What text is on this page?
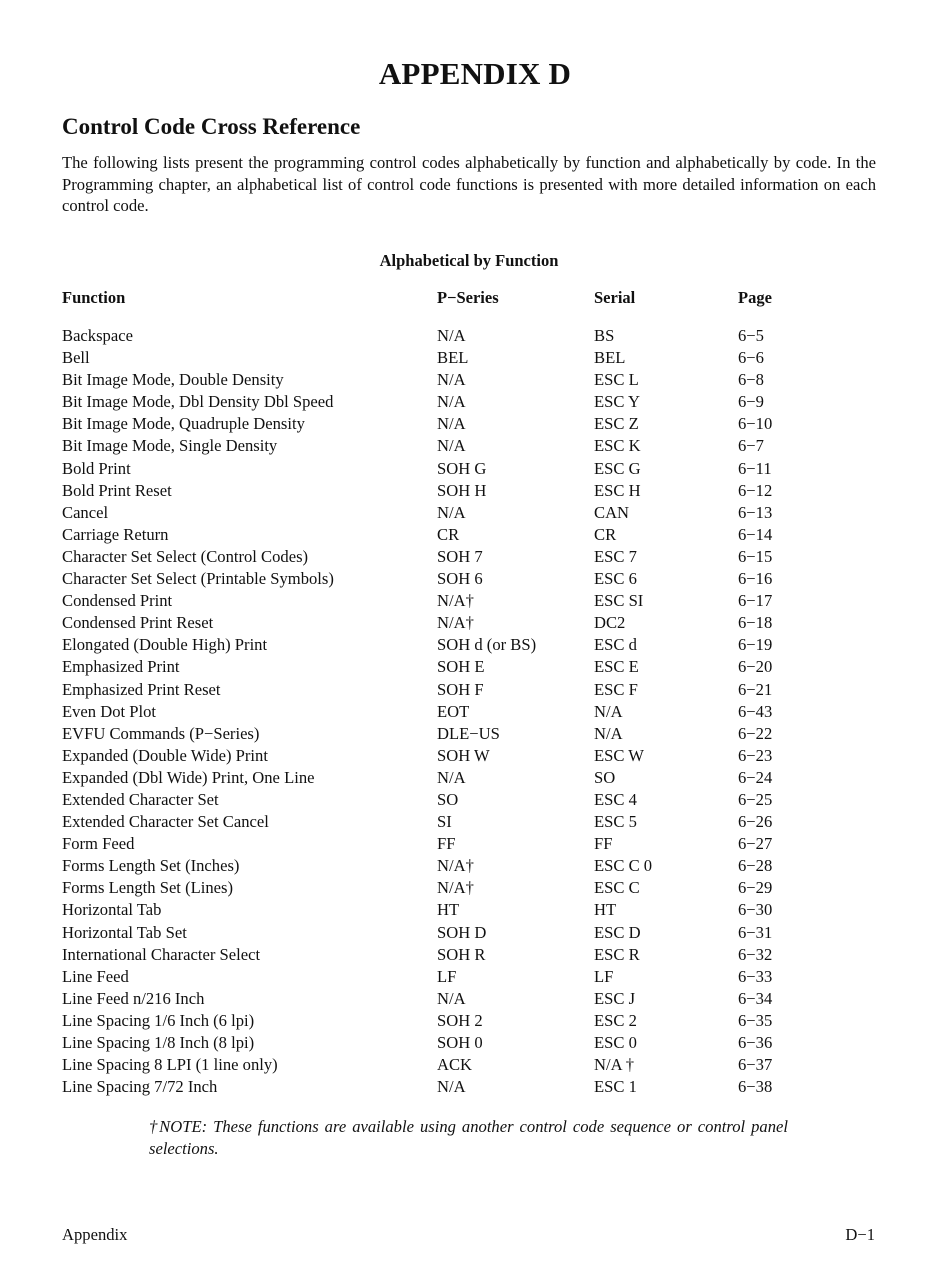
APPENDIX D
Control Code Cross Reference
The following lists present the programming control codes alphabetically by function and alphabetically by code. In the Programming chapter, an alphabetical list of control code functions is presented with more detailed information on each control code.
Alphabetical by Function
Function	P−Series	Serial	Page
Backspace	N/A	BS	6−5
Bell	BEL	BEL	6−6
Bit Image Mode, Double Density	N/A	ESC L	6−8
Bit Image Mode, Dbl Density Dbl Speed	N/A	ESC Y	6−9
Bit Image Mode, Quadruple Density	N/A	ESC Z	6−10
Bit Image Mode, Single Density	N/A	ESC K	6−7
Bold Print	SOH G	ESC G	6−11
Bold Print Reset	SOH H	ESC H	6−12
Cancel	N/A	CAN	6−13
Carriage Return	CR	CR	6−14
Character Set Select (Control Codes)	SOH 7	ESC 7	6−15
Character Set Select (Printable Symbols)	SOH 6	ESC 6	6−16
Condensed Print	N/A†	ESC SI	6−17
Condensed Print Reset	N/A†	DC2	6−18
Elongated (Double High) Print	SOH d (or BS)	ESC d	6−19
Emphasized Print	SOH E	ESC E	6−20
Emphasized Print Reset	SOH F	ESC F	6−21
Even Dot Plot	EOT	N/A	6−43
EVFU Commands (P−Series)	DLE−US	N/A	6−22
Expanded (Double Wide) Print	SOH W	ESC W	6−23
Expanded (Dbl Wide) Print, One Line	N/A	SO	6−24
Extended Character Set	SO	ESC 4	6−25
Extended Character Set Cancel	SI	ESC 5	6−26
Form Feed	FF	FF	6−27
Forms Length Set (Inches)	N/A†	ESC C 0	6−28
Forms Length Set (Lines)	N/A†	ESC C	6−29
Horizontal Tab	HT	HT	6−30
Horizontal Tab Set	SOH D	ESC D	6−31
International Character Select	SOH R	ESC R	6−32
Line Feed	LF	LF	6−33
Line Feed n/216 Inch	N/A	ESC J	6−34
Line Spacing 1/6 Inch (6 lpi)	SOH 2	ESC 2	6−35
Line Spacing 1/8 Inch (8 lpi)	SOH 0	ESC 0	6−36
Line Spacing 8 LPI (1 line only)	ACK	N/A †	6−37
Line Spacing 7/72 Inch	N/A	ESC 1	6−38
†NOTE: These functions are available using another control code sequence or control panel selections.
Appendix	D−1
